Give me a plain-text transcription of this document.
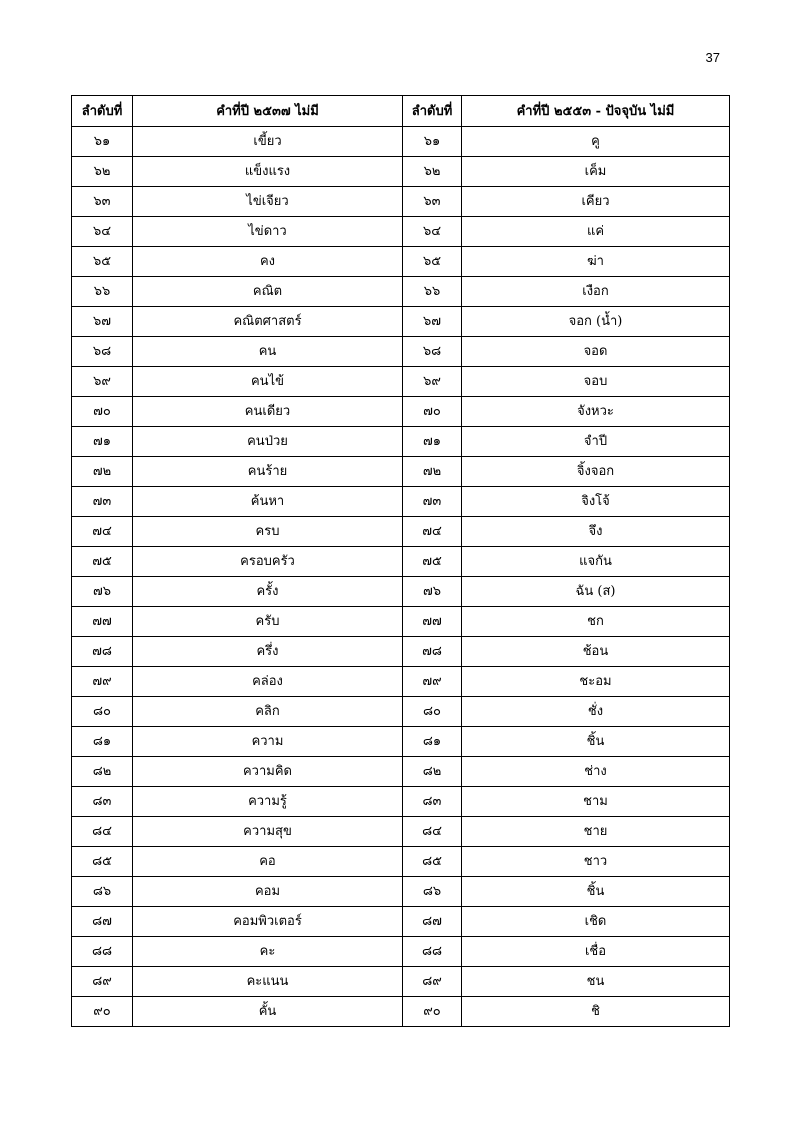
37
ลำดับที่	คำที่ปี ๒๕๓๗ ไม่มี	ลำดับที่	คำที่ปี ๒๕๕๓ - ปัจจุบัน ไม่มี
๖๑	เขี้ยว	๖๑	คู
๖๒	แข็งแรง	๖๒	เค็ม
๖๓	ไข่เจียว	๖๓	เคียว
๖๔	ไข่ดาว	๖๔	แค่
๖๕	คง	๖๕	ฆ่า
๖๖	คณิต	๖๖	เงือก
๖๗	คณิตศาสตร์	๖๗	จอก (น้ำ)
๖๘	คน	๖๘	จอด
๖๙	คนไข้	๖๙	จอบ
๗๐	คนเดียว	๗๐	จังหวะ
๗๑	คนป่วย	๗๑	จำปี
๗๒	คนร้าย	๗๒	จิ้งจอก
๗๓	ค้นหา	๗๓	จิงโจ้
๗๔	ครบ	๗๔	จึง
๗๕	ครอบครัว	๗๕	แจกัน
๗๖	ครั้ง	๗๖	ฉัน (ส)
๗๗	ครับ	๗๗	ชก
๗๘	ครึ่ง	๗๘	ช้อน
๗๙	คล่อง	๗๙	ชะอม
๘๐	คลิก	๘๐	ชั่ง
๘๑	ความ	๘๑	ชิ้น
๘๒	ความคิด	๘๒	ช่าง
๘๓	ความรู้	๘๓	ชาม
๘๔	ความสุข	๘๔	ชาย
๘๕	คอ	๘๕	ชาว
๘๖	คอม	๘๖	ชิ้น
๘๗	คอมพิวเตอร์	๘๗	เชิด
๘๘	คะ	๘๘	เชื่อ
๘๙	คะแนน	๘๙	ชน
๙๐	คั้น	๙๐	ชิ
